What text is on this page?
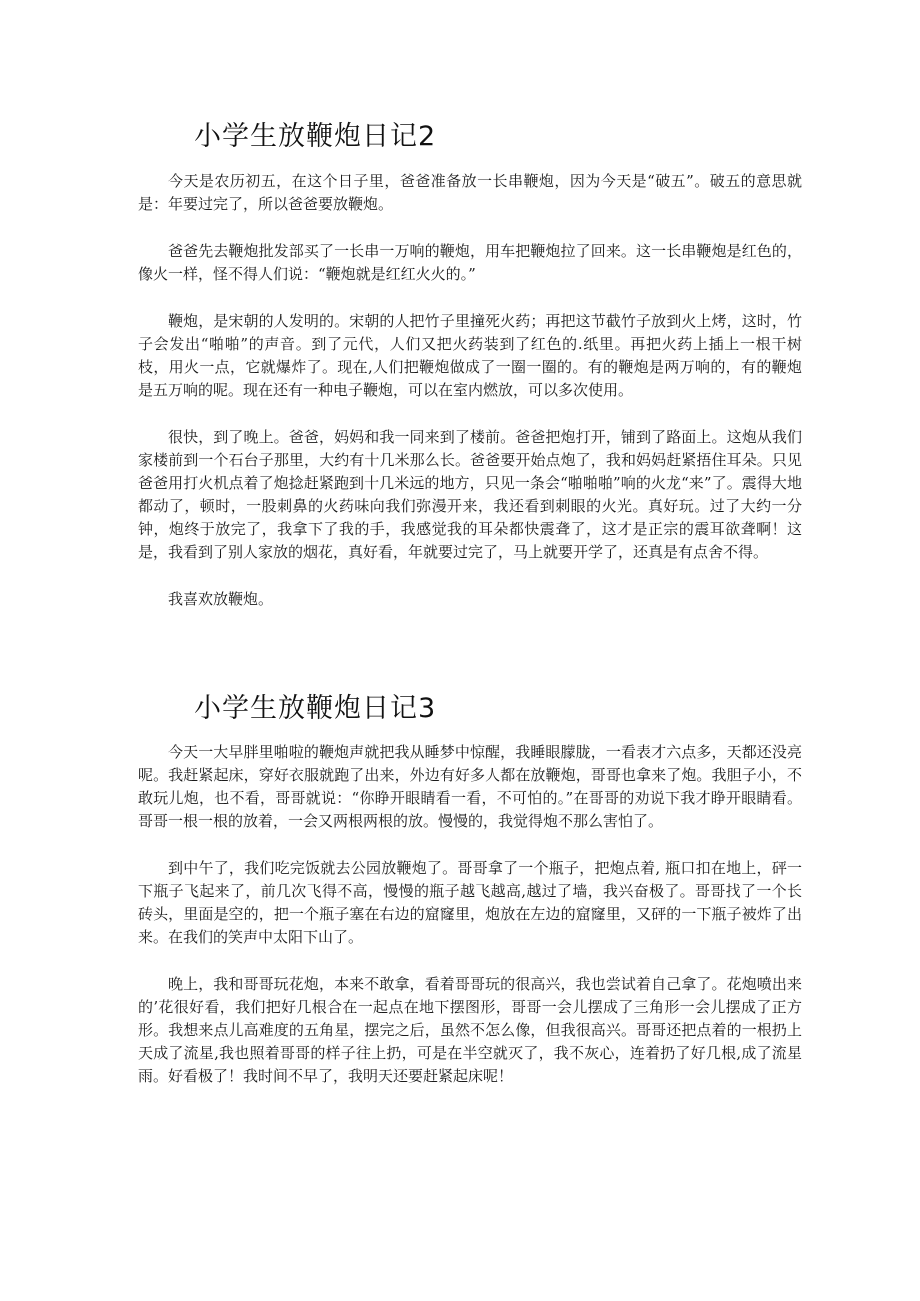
小学生放鞭炮日记2

今天是农历初五，在这个日子里，爸爸准备放一长串鞭炮，因为今天是“破五”。破五的意思就是：年要过完了，所以爸爸要放鞭炮。

爸爸先去鞭炮批发部买了一长串一万响的鞭炮，用车把鞭炮拉了回来。这一长串鞭炮是红色的，像火一样，怪不得人们说：“鞭炮就是红红火火的。”

鞭炮，是宋朝的人发明的。宋朝的人把竹子里撞死火药；再把这节截竹子放到火上烤，这时，竹子会发出“啪啪”的声音。到了元代，人们又把火药装到了红色的.纸里。再把火药上插上一根干树枝，用火一点，它就爆炸了。现在,人们把鞭炮做成了一圈一圈的。有的鞭炮是两万响的，有的鞭炮是五万响的呢。现在还有一种电子鞭炮，可以在室内燃放，可以多次使用。

很快，到了晚上。爸爸，妈妈和我一同来到了楼前。爸爸把炮打开，铺到了路面上。这炮从我们家楼前到一个石台子那里，大约有十几米那么长。爸爸要开始点炮了，我和妈妈赶紧捂住耳朵。只见爸爸用打火机点着了炮捻赶紧跑到十几米远的地方，只见一条会“啪啪啪”响的火龙“来”了。震得大地都动了，顿时，一股刺鼻的火药味向我们弥漫开来，我还看到刺眼的火光。真好玩。过了大约一分钟，炮终于放完了，我拿下了我的手，我感觉我的耳朵都快震聋了，这才是正宗的震耳欲聋啊！这是，我看到了别人家放的烟花，真好看，年就要过完了，马上就要开学了，还真是有点舍不得。

我喜欢放鞭炮。

小学生放鞭炮日记3

今天一大早胖里啪啦的鞭炮声就把我从睡梦中惊醒，我睡眼朦胧，一看表才六点多，天都还没亮呢。我赶紧起床，穿好衣服就跑了出来，外边有好多人都在放鞭炮，哥哥也拿来了炮。我胆子小，不敢玩儿炮，也不看，哥哥就说：“你睁开眼睛看一看，不可怕的。”在哥哥的劝说下我才睁开眼睛看。哥哥一根一根的放着，一会又两根两根的放。慢慢的，我觉得炮不那么害怕了。

到中午了，我们吃完饭就去公园放鞭炮了。哥哥拿了一个瓶子，把炮点着, 瓶口扣在地上，砰一下瓶子飞起来了，前几次飞得不高，慢慢的瓶子越飞越高,越过了墙，我兴奋极了。哥哥找了一个长砖头，里面是空的，把一个瓶子塞在右边的窟窿里，炮放在左边的窟窿里，又砰的一下瓶子被炸了出来。在我们的笑声中太阳下山了。

晚上，我和哥哥玩花炮，本来不敢拿，看着哥哥玩的很高兴，我也尝试着自己拿了。花炮喷出来的’花很好看，我们把好几根合在一起点在地下摆图形，哥哥一会儿摆成了三角形一会儿摆成了正方形。我想来点儿高难度的五角星，摆完之后，虽然不怎么像，但我很高兴。哥哥还把点着的一根扔上天成了流星,我也照着哥哥的样子往上扔，可是在半空就灭了，我不灰心，连着扔了好几根,成了流星雨。好看极了！我时间不早了，我明天还要赶紧起床呢！
